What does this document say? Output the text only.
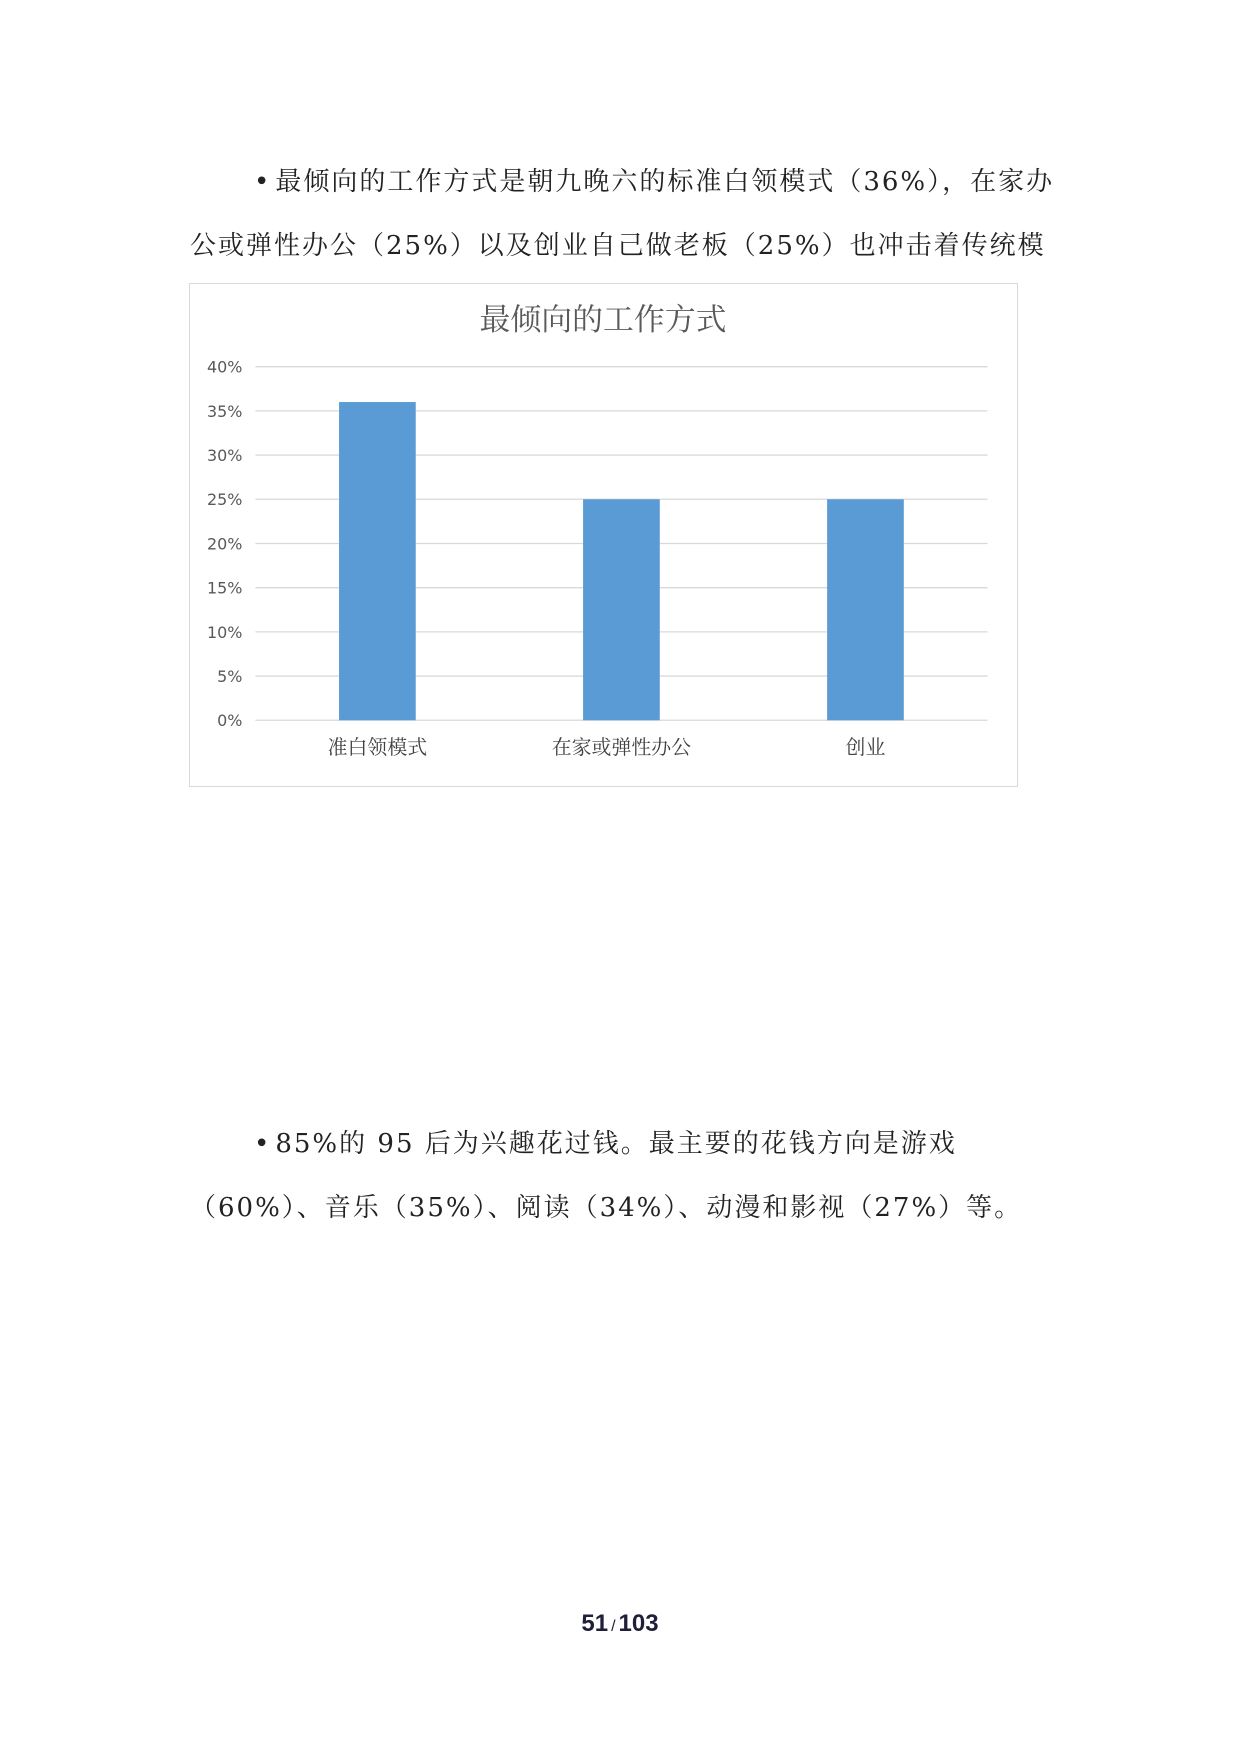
• 最倾向的工作方式是朝九晚六的标准白领模式（36%），在家办公或弹性办公（25%）以及创业自己做老板（25%）也冲击着传统模

最倾向的工作方式
0%
5%
10%
15%
20%
25%
30%
35%
40%
准白领模式	在家或弹性办公	创业

• 85%的 95 后为兴趣花过钱。最主要的花钱方向是游戏（60%）、音乐（35%）、阅读（34%）、动漫和影视（27%）等。

51 / 103
